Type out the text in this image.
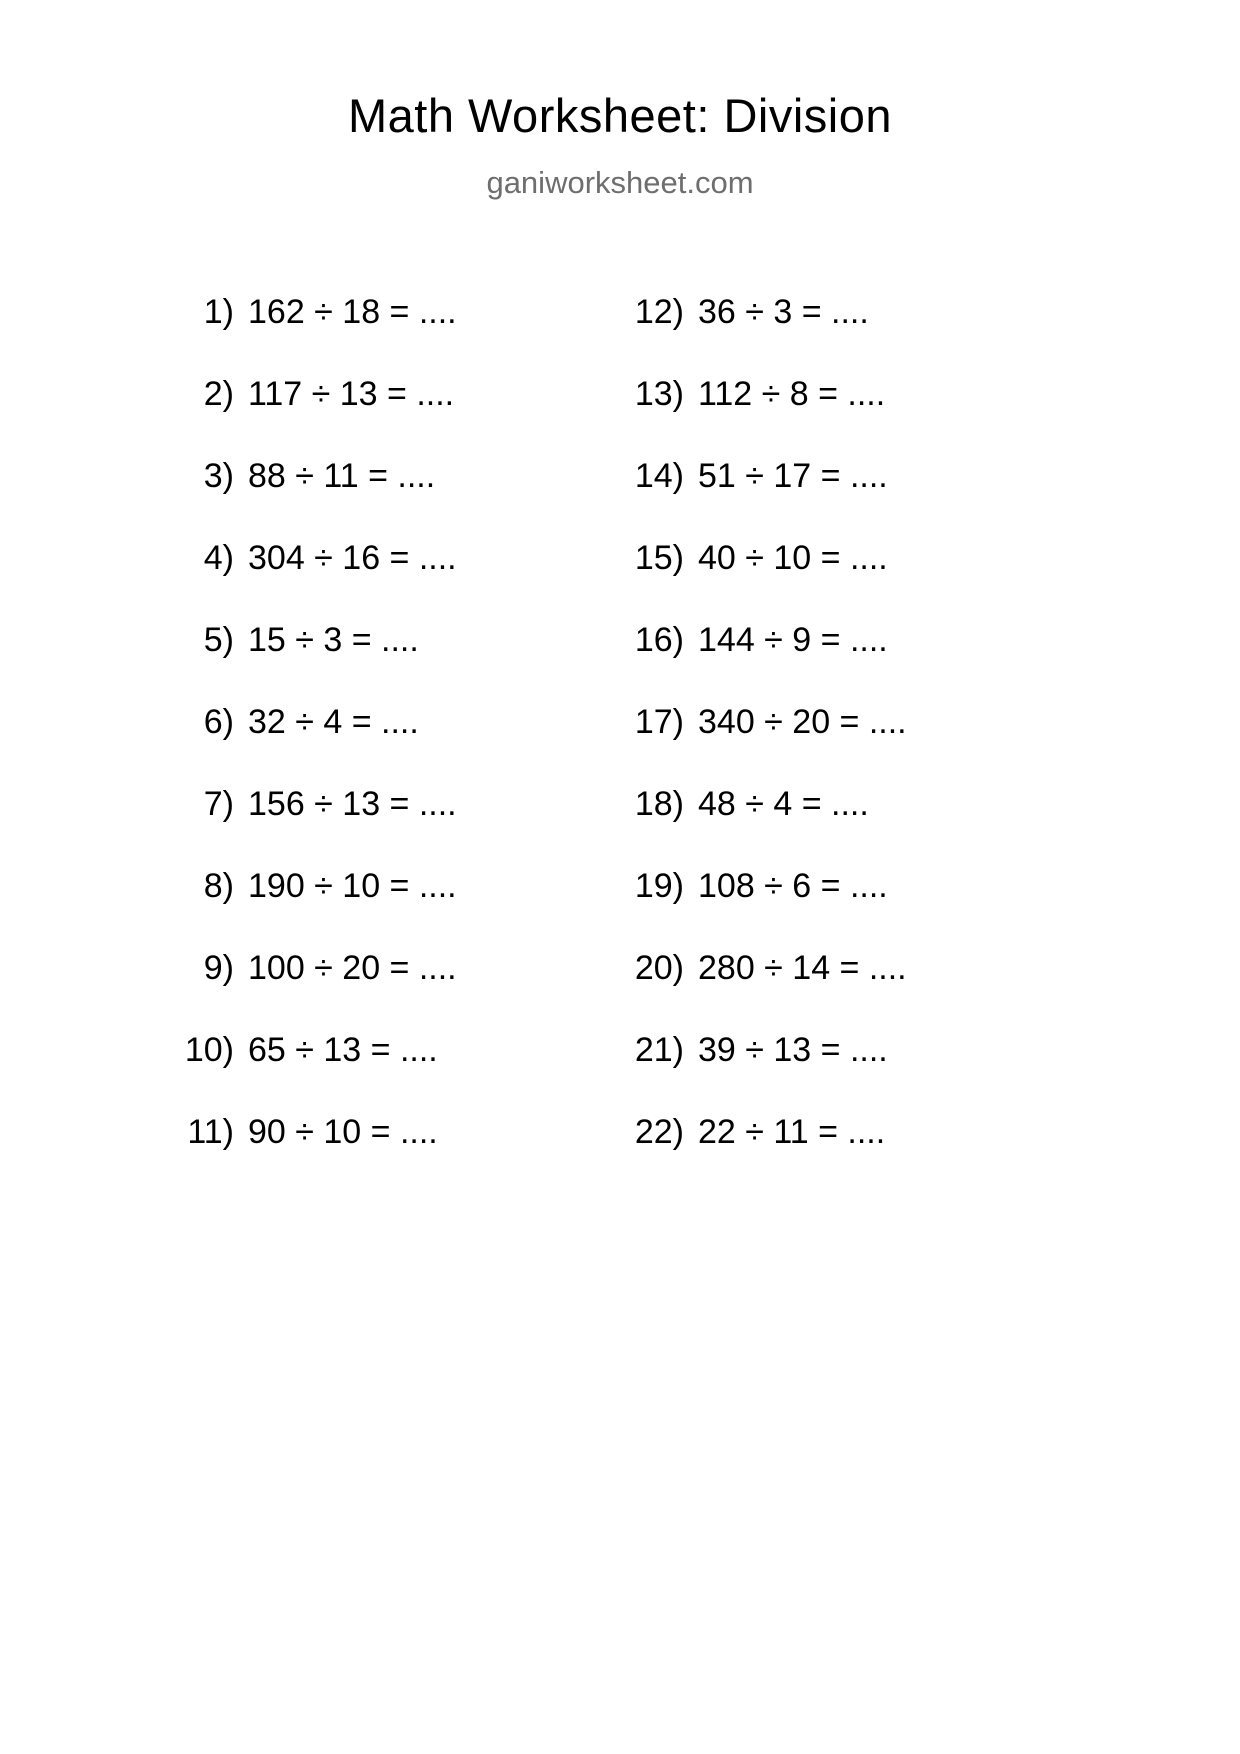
Math Worksheet: Division
ganiworksheet.com
1) 162 ÷ 18 = ....
2) 117 ÷ 13 = ....
3) 88 ÷ 11 = ....
4) 304 ÷ 16 = ....
5) 15 ÷ 3 = ....
6) 32 ÷ 4 = ....
7) 156 ÷ 13 = ....
8) 190 ÷ 10 = ....
9) 100 ÷ 20 = ....
10) 65 ÷ 13 = ....
11) 90 ÷ 10 = ....
12) 36 ÷ 3 = ....
13) 112 ÷ 8 = ....
14) 51 ÷ 17 = ....
15) 40 ÷ 10 = ....
16) 144 ÷ 9 = ....
17) 340 ÷ 20 = ....
18) 48 ÷ 4 = ....
19) 108 ÷ 6 = ....
20) 280 ÷ 14 = ....
21) 39 ÷ 13 = ....
22) 22 ÷ 11 = ....
